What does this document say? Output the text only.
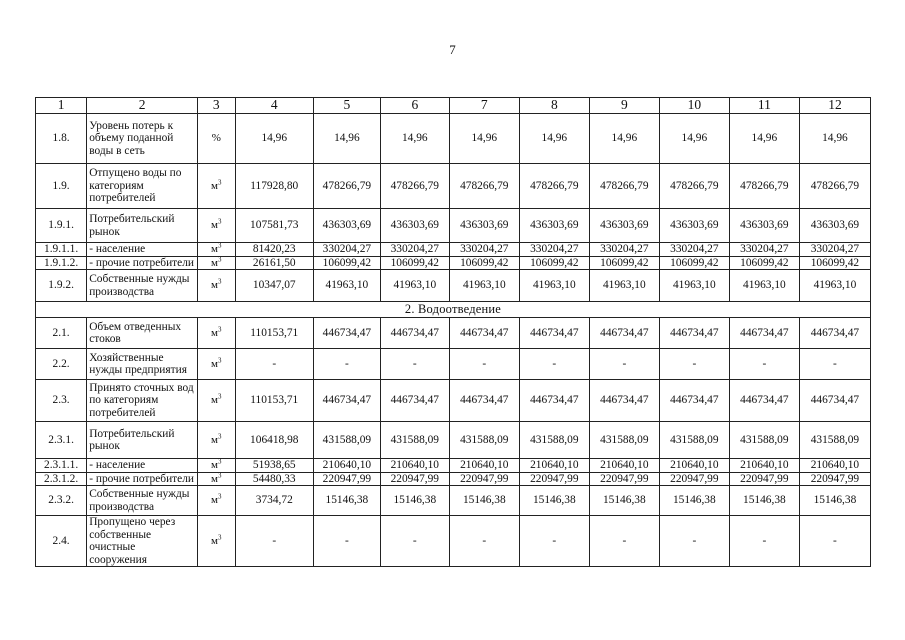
7
1	2	3	4	5	6	7	8	9	10	11	12
1.8.	Уровень потерь к объему поданной воды в сеть	%	14,96	14,96	14,96	14,96	14,96	14,96	14,96	14,96	14,96
1.9.	Отпущено воды по категориям потребителей	$м^3$	117928,80	478266,79	478266,79	478266,79	478266,79	478266,79	478266,79	478266,79	478266,79
1.9.1.	Потребительский рынок	$м^3$	107581,73	436303,69	436303,69	436303,69	436303,69	436303,69	436303,69	436303,69	436303,69
1.9.1.1.	- население	$м^3$	81420,23	330204,27	330204,27	330204,27	330204,27	330204,27	330204,27	330204,27	330204,27
1.9.1.2.	- прочие потребители	$м^3$	26161,50	106099,42	106099,42	106099,42	106099,42	106099,42	106099,42	106099,42	106099,42
1.9.2.	Собственные нужды производства	$м^3$	10347,07	41963,10	41963,10	41963,10	41963,10	41963,10	41963,10	41963,10	41963,10
2. Водоотведение											
2.1.	Объем отведенных стоков	$м^3$	110153,71	446734,47	446734,47	446734,47	446734,47	446734,47	446734,47	446734,47	446734,47
2.2.	Хозяйственные нужды предприятия	$м^3$	-	-	-	-	-	-	-	-	-
2.3.	Принято сточных вод по категориям потребителей	$м^3$	110153,71	446734,47	446734,47	446734,47	446734,47	446734,47	446734,47	446734,47	446734,47
2.3.1.	Потребительский рынок	$м^3$	106418,98	431588,09	431588,09	431588,09	431588,09	431588,09	431588,09	431588,09	431588,09
2.3.1.1.	- население	$м^3$	51938,65	210640,10	210640,10	210640,10	210640,10	210640,10	210640,10	210640,10	210640,10
2.3.1.2.	- прочие потребители	$м^3$	54480,33	220947,99	220947,99	220947,99	220947,99	220947,99	220947,99	220947,99	220947,99
2.3.2.	Собственные нужды производства	$м^3$	3734,72	15146,38	15146,38	15146,38	15146,38	15146,38	15146,38	15146,38	15146,38
2.4.	Пропущено через собственные очистные сооружения	$м^3$	-	-	-	-	-	-	-	-	-
